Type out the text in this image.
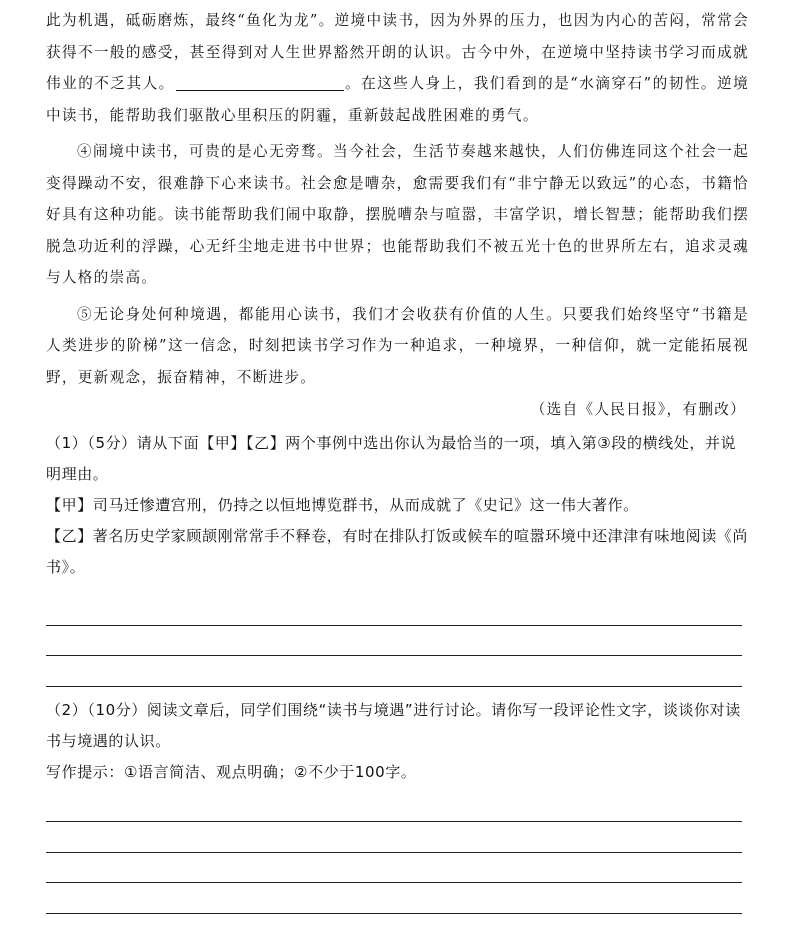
此为机遇，砥砺磨炼，最终“鱼化为龙”。逆境中读书，因为外界的压力，也因为内心的苦闷，常常会获得不一般的感受，甚至得到对人生世界豁然开朗的认识。古今中外，在逆境中坚持读书学习而成就伟业的不乏其人。	。在这些人身上，我们看到的是“水滴穿石”的韧性。逆境中读书，能帮助我们驱散心里积压的阴霾，重新鼓起战胜困难的勇气。

④闹境中读书，可贵的是心无旁骛。当今社会，生活节奏越来越快，人们仿佛连同这个社会一起变得躁动不安，很难静下心来读书。社会愈是嘈杂，愈需要我们有“非宁静无以致远”的心态，书籍恰好具有这种功能。读书能帮助我们闹中取静，摆脱嘈杂与喧嚣，丰富学识，增长智慧；能帮助我们摆脱急功近利的浮躁，心无纤尘地走进书中世界；也能帮助我们不被五光十色的世界所左右，追求灵魂与人格的崇高。

⑤无论身处何种境遇，都能用心读书，我们才会收获有价值的人生。只要我们始终坚守“书籍是人类进步的阶梯”这一信念，时刻把读书学习作为一种追求，一种境界，一种信仰，就一定能拓展视野，更新观念，振奋精神，不断进步。

（选自《人民日报》，有删改）

（1）（5分）请从下面【甲】【乙】两个事例中选出你认为最恰当的一项，填入第③段的横线处，并说明理由。

【甲】司马迁惨遭宫刑，仍持之以恒地博览群书，从而成就了《史记》这一伟大著作。

【乙】著名历史学家顾颉刚常常手不释卷，有时在排队打饭或候车的喧嚣环境中还津津有味地阅读《尚书》。

（2）（10分）阅读文章后，同学们围绕“读书与境遇”进行讨论。请你写一段评论性文字，谈谈你对读书与境遇的认识。

写作提示：①语言简洁、观点明确；②不少于100字。
